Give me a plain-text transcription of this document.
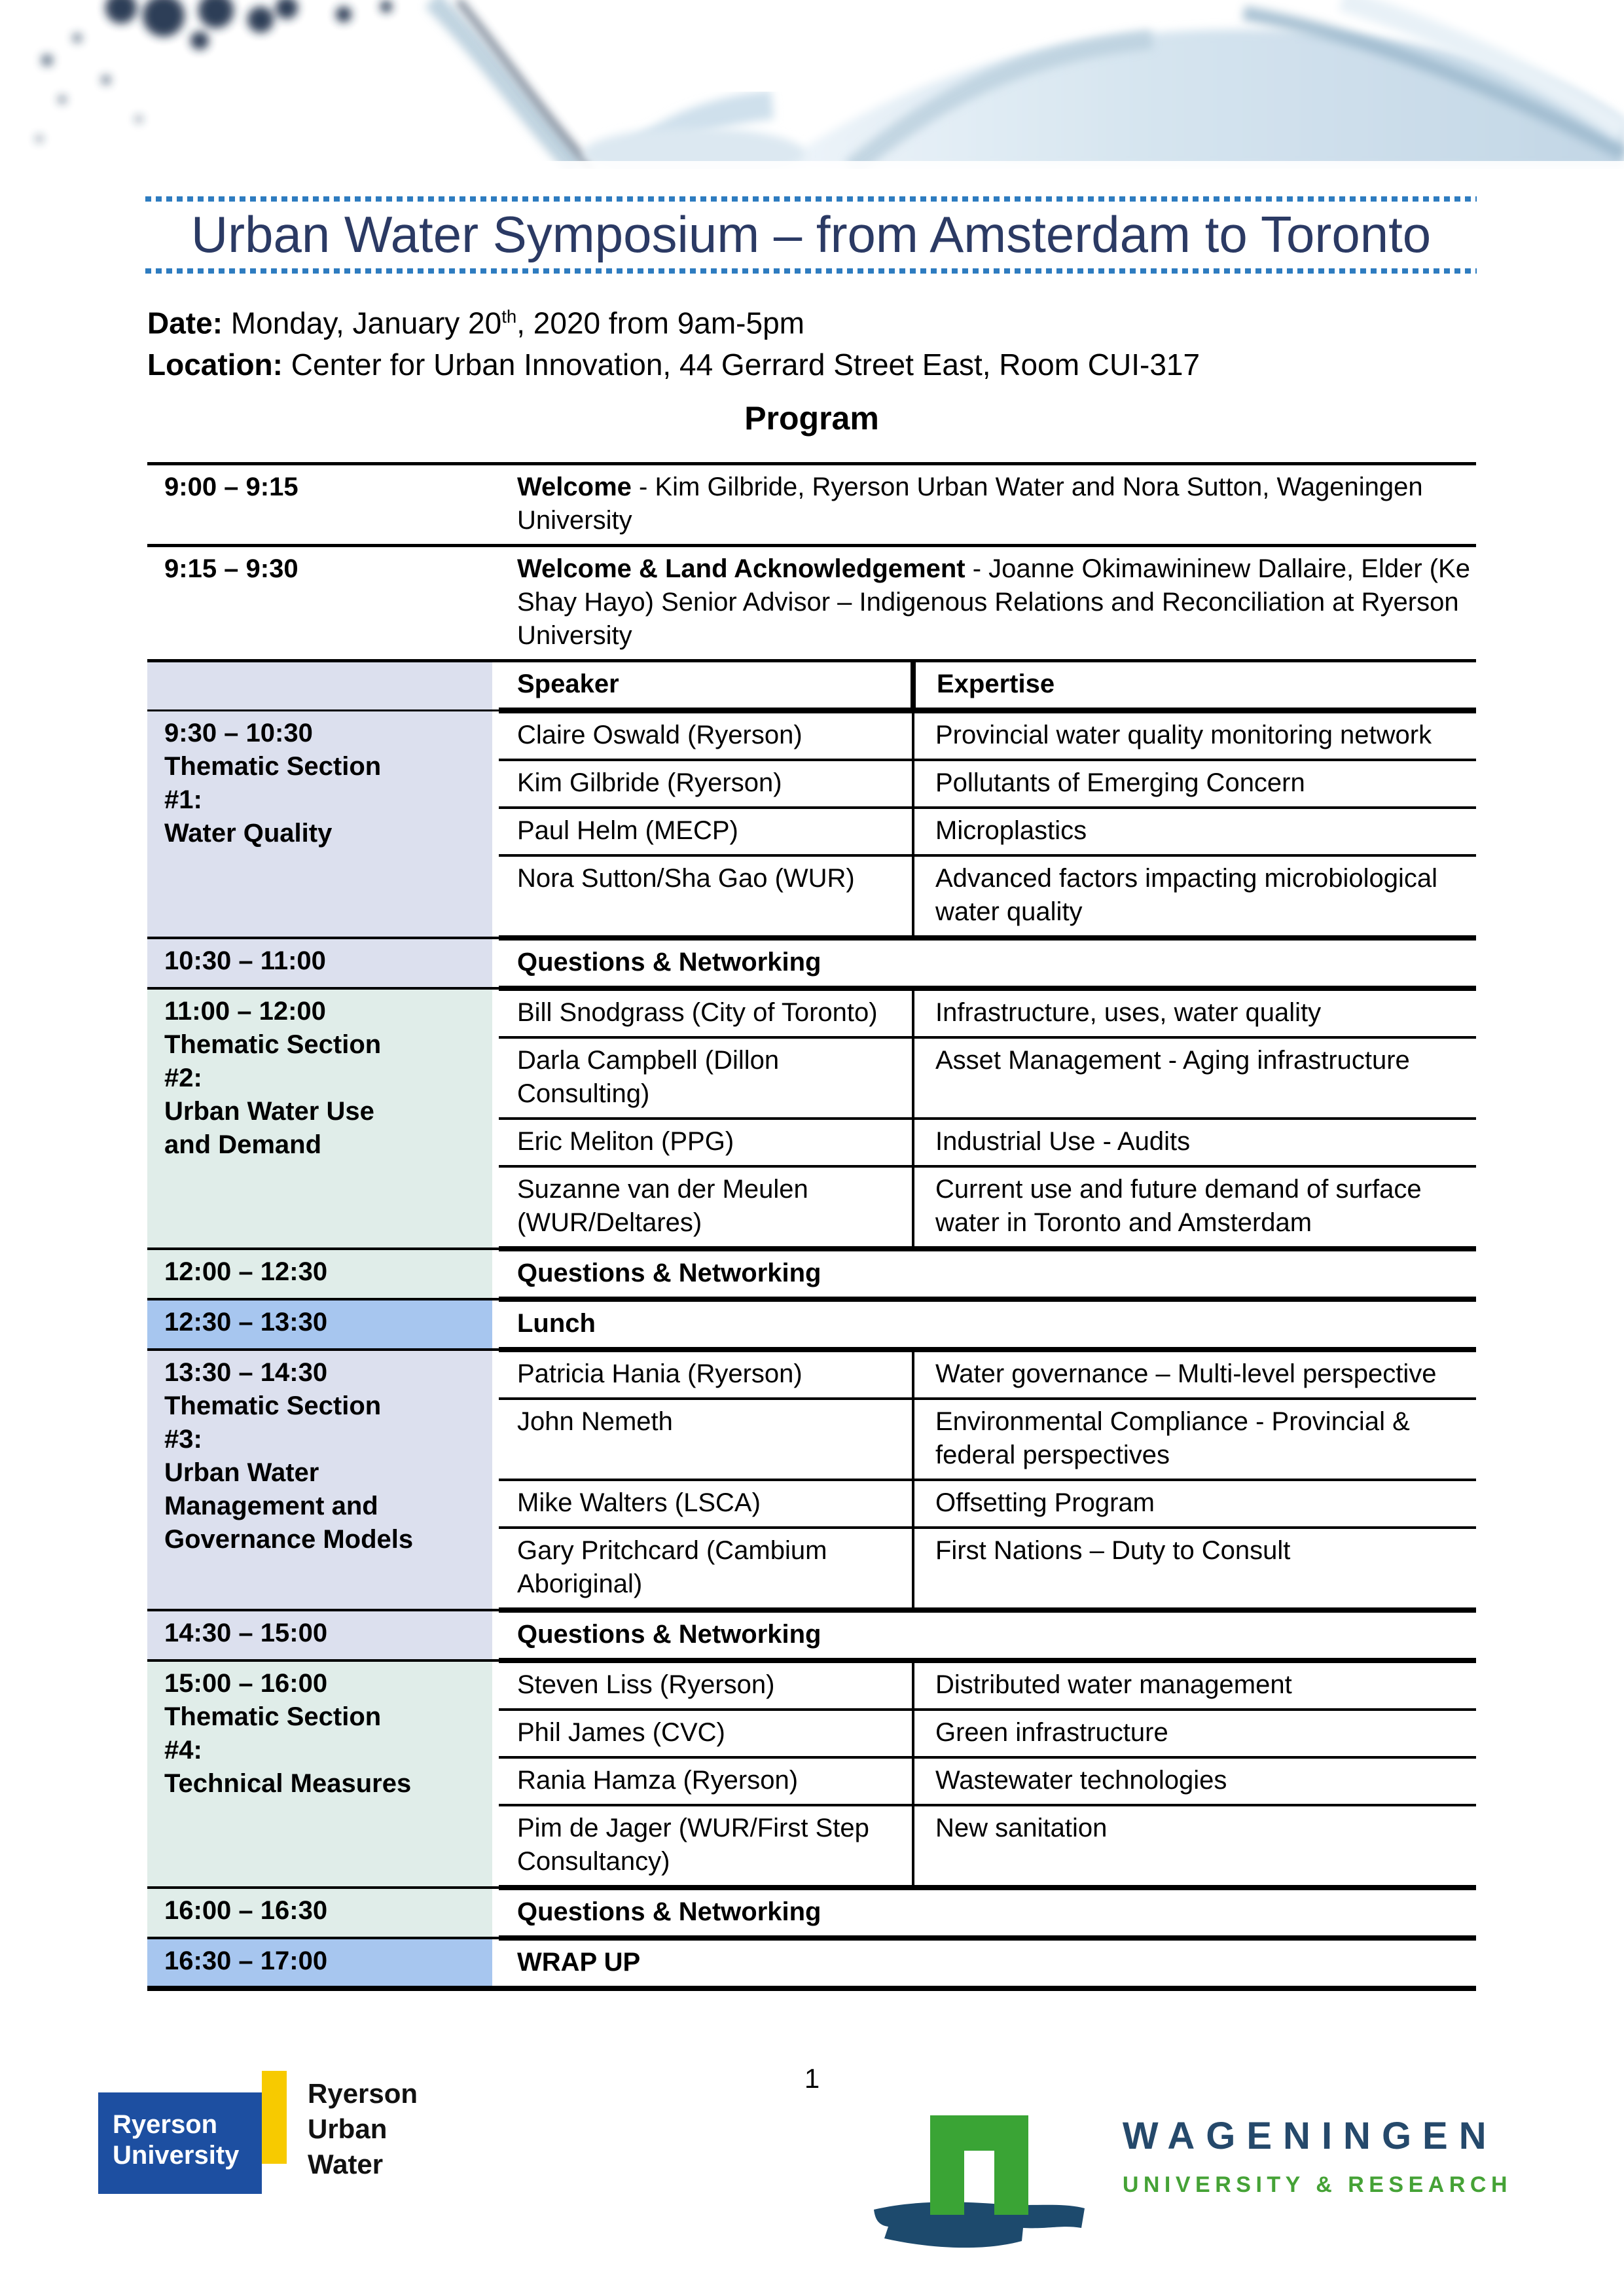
Urban Water Symposium – from Amsterdam to Toronto
Date: Monday, January 20th, 2020 from 9am-5pm
Location: Center for Urban Innovation, 44 Gerrard Street East, Room CUI-317
Program
9:00 – 9:15		Welcome - Kim Gilbride, Ryerson Urban Water and Nora Sutton, Wageningen University	
9:15 – 9:30		Welcome & Land Acknowledgement - Joanne Okimawininew Dallaire, Elder (Ke Shay Hayo) Senior Advisor – Indigenous Relations and Reconciliation at Ryerson University	
		Speaker	Expertise

9:30 – 10:30
Thematic Section
#1:
Water Quality		Claire Oswald (Ryerson)	Provincial water quality monitoring network
		Kim Gilbride (Ryerson)	Pollutants of Emerging Concern
		Paul Helm (MECP)	Microplastics
		Nora Sutton/Sha Gao (WUR)	Advanced factors impacting microbiological water quality
10:30 – 11:00		Questions & Networking	

11:00 – 12:00
Thematic Section
#2:
Urban Water Use
and Demand		Bill Snodgrass (City of Toronto)	Infrastructure, uses, water quality
		Darla Campbell (Dillon Consulting)	Asset Management - Aging infrastructure
		Eric Meliton (PPG)	Industrial Use - Audits
		Suzanne van der Meulen (WUR/Deltares)	Current use and future demand of surface water in Toronto and Amsterdam
12:00 – 12:30		Questions & Networking	
12:30 – 13:30		Lunch	

13:30 – 14:30
Thematic Section
#3:
Urban Water
Management and
Governance Models
		Patricia Hania (Ryerson)	Water governance – Multi-level perspective
		John Nemeth	Environmental Compliance - Provincial & federal perspectives
		Mike Walters (LSCA)	Offsetting Program
		Gary Pritchcard (Cambium Aboriginal)	First Nations – Duty to Consult
14:30 – 15:00		Questions & Networking	

15:00 – 16:00
Thematic Section
#4:
Technical Measures		Steven Liss (Ryerson)	Distributed water management
		Phil James (CVC)	Green infrastructure
		Rania Hamza (Ryerson)	Wastewater technologies
		Pim de Jager (WUR/First Step Consultancy)	New sanitation
16:00 – 16:30		Questions & Networking	
16:30 – 17:00		WRAP UP	
1
Ryerson
University
Ryerson
Urban
Water
WAGENINGEN
UNIVERSITY & RESEARCH
